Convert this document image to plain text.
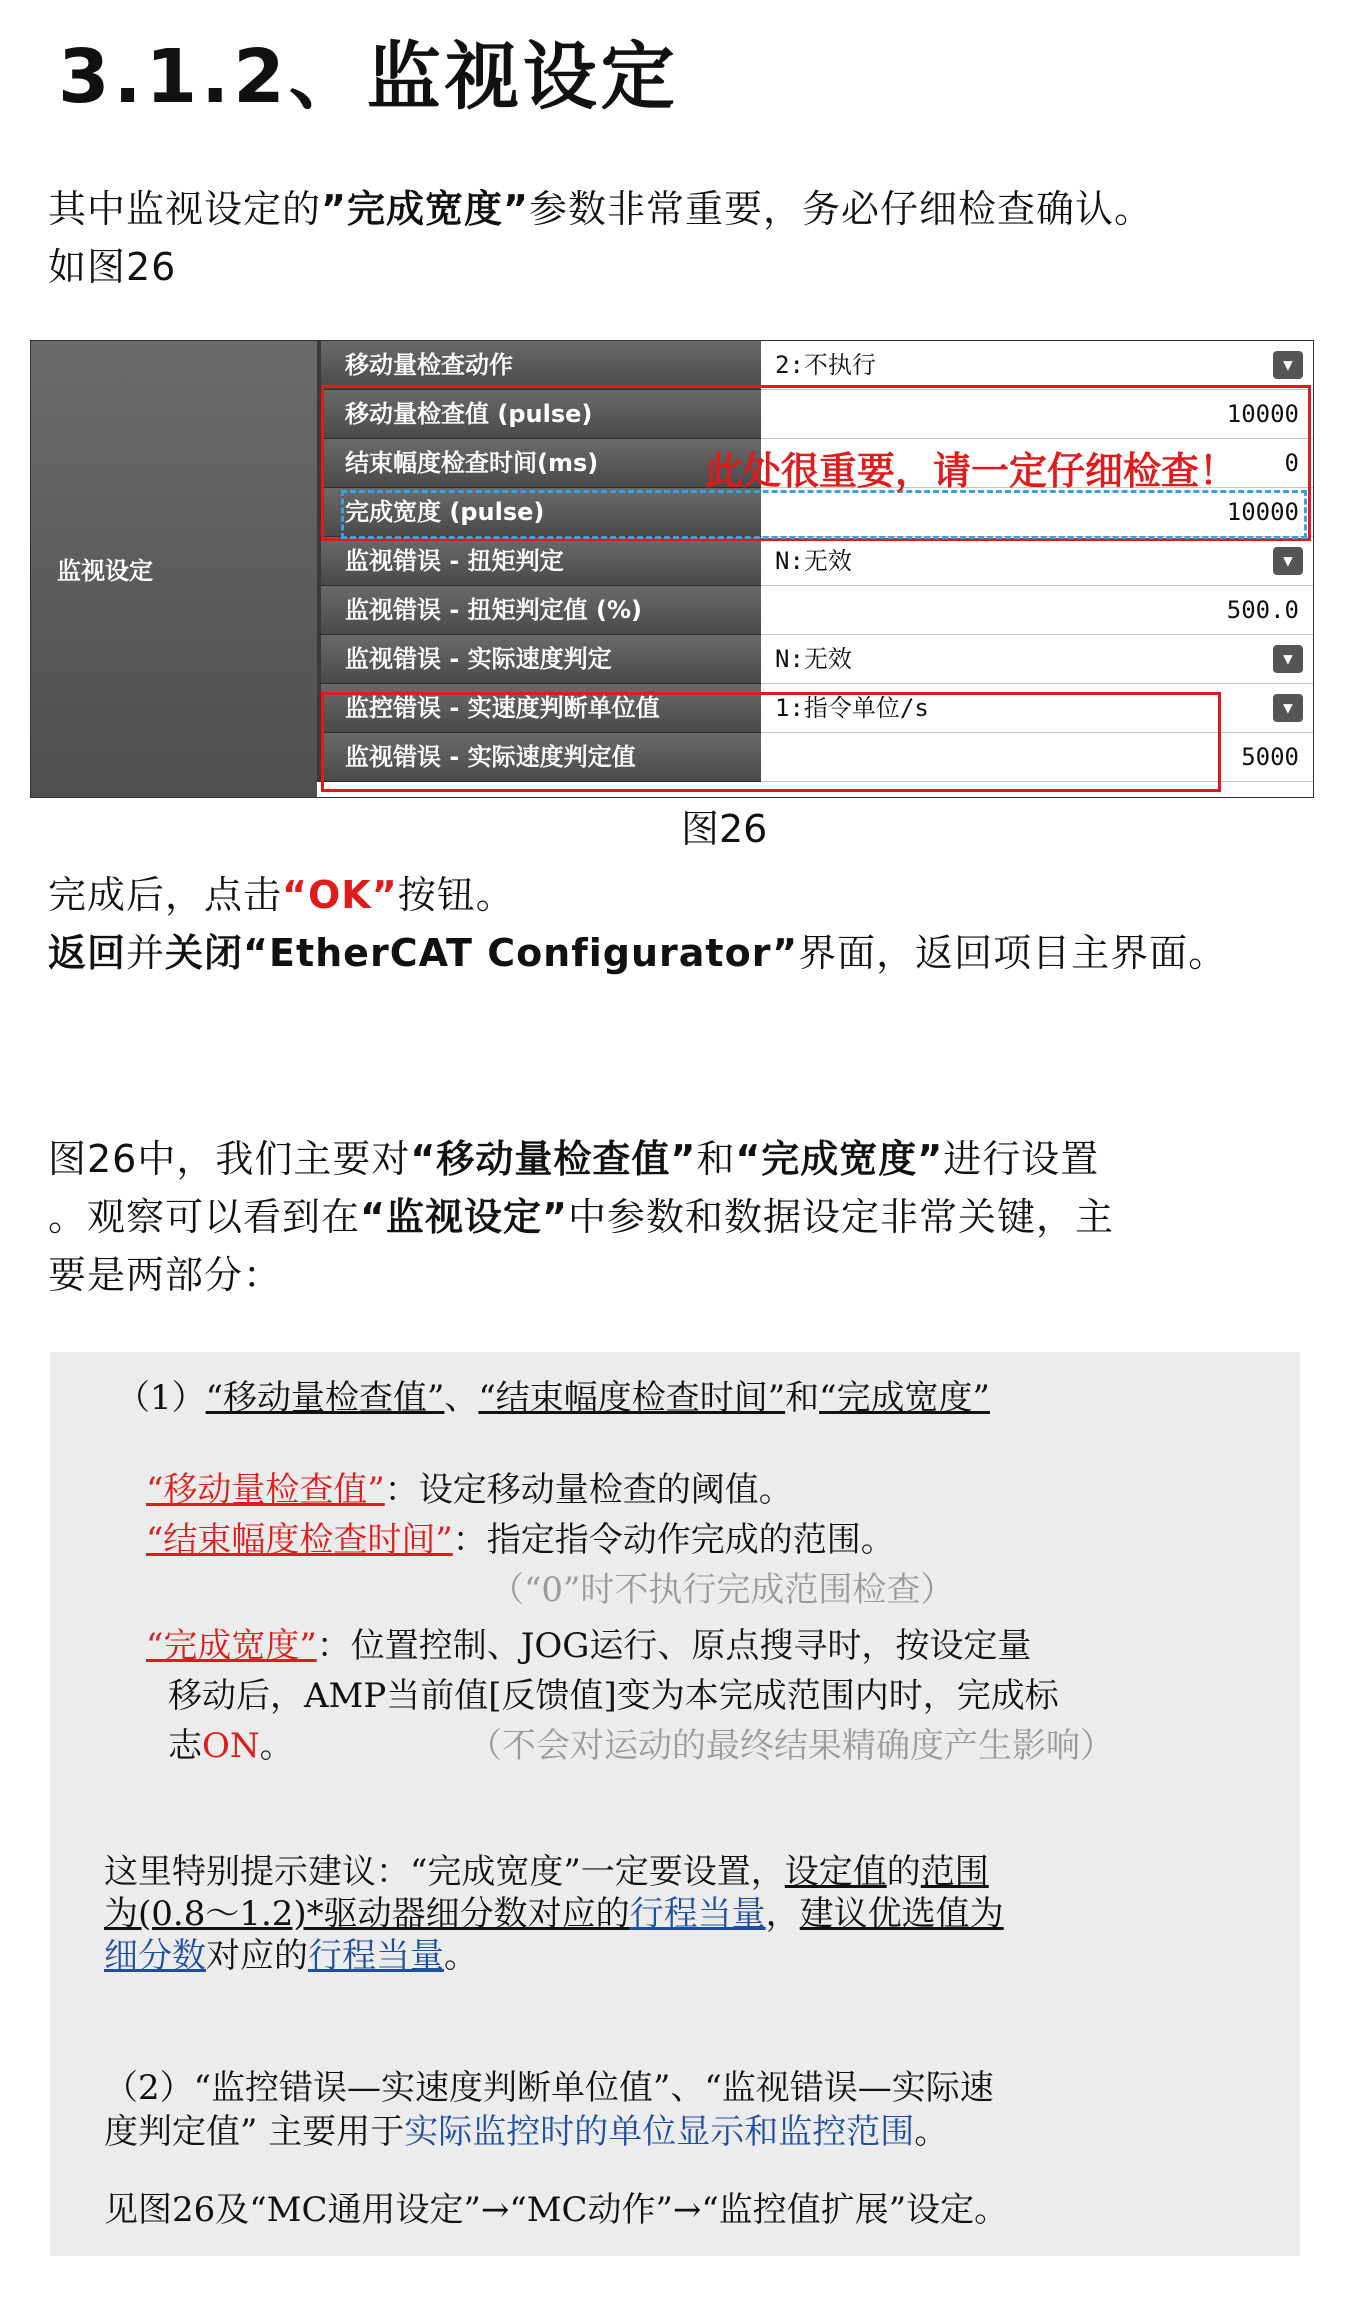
3.1.2、监视设定
其中监视设定的”完成宽度”参数非常重要，务必仔细检查确认。
如图26
监视设定
移动量检查动作	2:不执行	▼
移动量检查值 (pulse)	10000
结束幅度检查时间(ms)	0
完成宽度 (pulse)	10000
监视错误 - 扭矩判定	N:无效	▼
监视错误 - 扭矩判定值 (%)	500.0
监视错误 - 实际速度判定	N:无效	▼
监控错误 - 实速度判断单位值	1:指令单位/s	▼
监视错误 - 实际速度判定值	5000
此处很重要，请一定仔细检查！
图26
完成后，点击“OK”按钮。
返回并关闭“EtherCAT Configurator”界面，返回项目主界面。
图26中，我们主要对“移动量检查值”和“完成宽度”进行设置
。观察可以看到在“监视设定”中参数和数据设定非常关键，主
要是两部分：
（1）“移动量检查值”、“结束幅度检查时间”和“完成宽度”
“移动量检查值”：设定移动量检查的阈值。
“结束幅度检查时间”：指定指令动作完成的范围。
（“0”时不执行完成范围检查）
“完成宽度”：位置控制、JOG运行、原点搜寻时，按设定量
移动后，AMP当前值[反馈值]变为本完成范围内时，完成标
志ON。	（不会对运动的最终结果精确度产生影响）
这里特别提示建议：“完成宽度”一定要设置，设定值的范围
为(0.8～1.2)*驱动器细分数对应的行程当量，建议优选值为
细分数对应的行程当量。
（2）“监控错误—实速度判断单位值”、“监视错误—实际速
度判定值” 主要用于实际监控时的单位显示和监控范围。
见图26及“MC通用设定”→“MC动作”→“监控值扩展”设定。
